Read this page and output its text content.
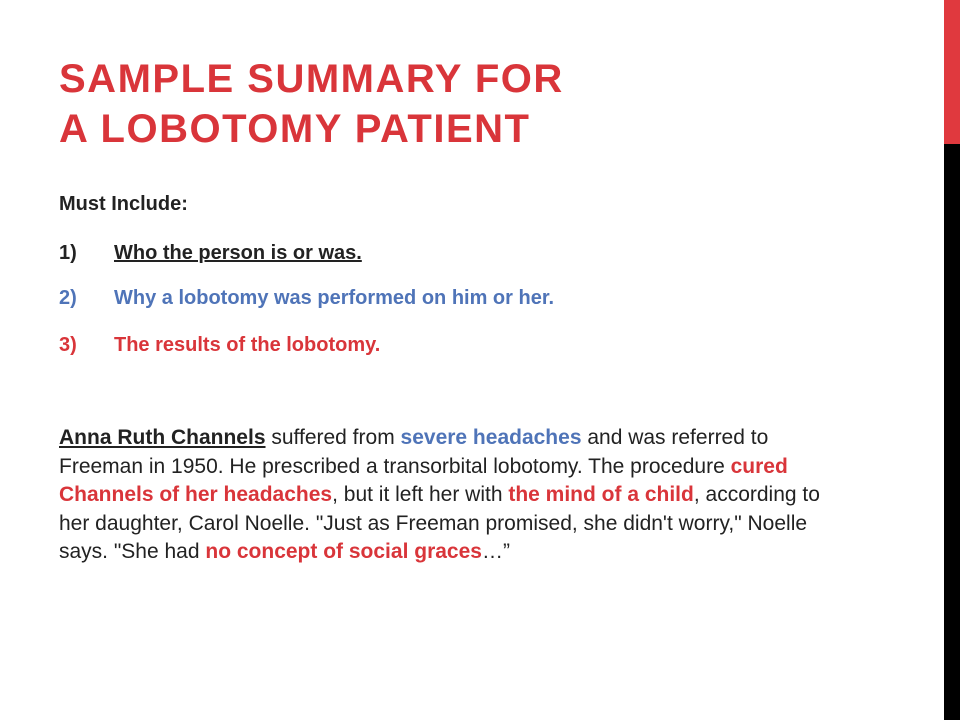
SAMPLE SUMMARY FOR
A LOBOTOMY PATIENT
Must Include:
1) Who the person is or was.
2) Why a lobotomy was performed on him or her.
3) The results of the lobotomy.

Anna Ruth Channels suffered from severe headaches and was referred to Freeman in 1950. He prescribed a transorbital lobotomy. The procedure cured Channels of her headaches, but it left her with the mind of a child, according to her daughter, Carol Noelle. "Just as Freeman promised, she didn't worry," Noelle says. "She had no concept of social graces…”
